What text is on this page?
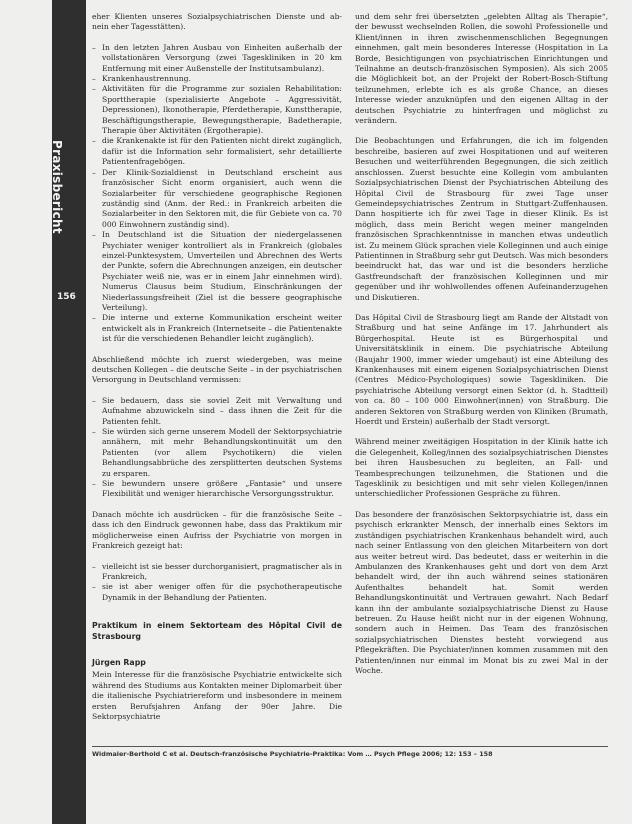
Praxisbericht
156

eher Klienten unseres Sozialpsychiatrischen Dienste und ab- nein eher Tagesstätten).

– In den letzten Jahren Ausbau von Einheiten außerhalb der vollstationären Versorgung (zwei Tageskliniken in 20 km Entfernung mit einer Außenstelle der Institutsambulanz).
– Krankenhaustrennung.
– Aktivitäten für die Programme zur sozialen Rehabilitation: Sporttherapie (spezialisierte Angebote – Aggressivität, Depressionen), Ikonotherapie, Pferdetherapie, Kunsttherapie, Beschäftigungstherapie, Bewegungstherapie, Badetherapie, Therapie über Aktivitäten (Ergotherapie).
– die Krankenakte ist für den Patienten nicht direkt zugänglich, dafür ist die Information sehr formalisiert, sehr detaillierte Patientenfragebögen.
– Der Klinik-Sozialdienst in Deutschland erscheint aus französischer Sicht enorm organisiert, auch wenn die Sozialarbeiter für verschiedene geographische Regionen zuständig sind (Anm. der Red.: in Frankreich arbeiten die Sozialarbeiter in den Sektoren mit, die für Gebiete von ca. 70 000 Einwohnern zuständig sind).
– In Deutschland ist die Situation der niedergelassenen Psychiater weniger kontrolliert als in Frankreich (globales einzel-Punktesystem, Umverteilen und Abrechnen des Werts der Punkte, sofern die Abrechnungen anzeigen, ein deutscher Psychiater weiß nie, was er in einem Jahr einnehmen wird). Numerus Clausus beim Studium, Einschränkungen der Niederlassungsfreiheit (Ziel ist die bessere geographische Verteilung).
– Die interne und externe Kommunikation erscheint weiter entwickelt als in Frankreich (Internetseite – die Patientenakte ist für die verschiedenen Behandler leicht zugänglich).

Abschließend möchte ich zuerst wiedergeben, was meine deutschen Kollegen – die deutsche Seite – in der psychiatrischen Versorgung in Deutschland vermissen:

– Sie bedauern, dass sie soviel Zeit mit Verwaltung und Aufnahme abzuwickeln sind – dass ihnen die Zeit für die Patienten fehlt.
– Sie würden sich gerne unserem Modell der Sektorpsychiatrie annähern, mit mehr Behandlungskontinuität um den Patienten (vor allem Psychotikern) die vielen Behandlungsabbrüche des zersplitterten deutschen Systems zu ersparen.
– Sie bewundern unsere größere „Fantasie“ und unsere Flexibilität und weniger hierarchische Versorgungsstruktur.

Danach möchte ich ausdrücken – für die französische Seite – dass ich den Eindruck gewonnen habe, dass das Praktikum mir möglicherweise einen Aufriss der Psychiatrie von morgen in Frankreich gezeigt hat:

– vielleicht ist sie besser durchorganisiert, pragmatischer als in Frankreich,
– sie ist aber weniger offen für die psychotherapeutische Dynamik in der Behandlung der Patienten.
Praktikum in einem Sektorteam des Hôpital Civil de Strasbourg
Jürgen Rapp

Mein Interesse für die französische Psychiatrie entwickelte sich während des Studiums aus Kontakten meiner Diplomarbeit über die italienische Psychiatriereform und insbesondere in meinem ersten Berufsjahren Anfang der 90er Jahre. Die Sektorpsychiatrie

und dem sehr frei übersetzten „gelebten Alltag als Therapie“, der bewusst wechselnden Rollen, die sowohl Professionelle und Klient/innen in ihren zwischenmenschlichen Begegnungen einnehmen, galt mein besonderes Interesse (Hospitation in La Borde, Besichtigungen von psychiatrischen Einrichtungen und Teilnahme an deutsch-französischen Symposien). Als sich 2005 die Möglichkeit bot, an der Projekt der Robert-Bosch-Stiftung teilzunehmen, erlebte ich es als große Chance, an dieses Interesse wieder anzuknüpfen und den eigenen Alltag in der deutschen Psychiatrie zu hinterfragen und möglichst zu verändern.

Die Beobachtungen und Erfahrungen, die ich im folgenden beschreibe, basieren auf zwei Hospitationen und auf weiteren Besuchen und weiterführenden Begegnungen, die sich zeitlich anschlossen. Zuerst besuchte eine Kollegin vom ambulanten Sozialpsychiatrischen Dienst der Psychiatrischen Abteilung des Hôpital Civil de Strasbourg für zwei Tage unser Gemeindepsychiatrisches Zentrum in Stuttgart-Zuffenhausen. Dann hospitierte ich für zwei Tage in dieser Klinik. Es ist möglich, dass mein Bericht wegen meiner mangelnden französischen Sprachkenntnisse in manchen etwas undeutlich ist. Zu meinem Glück sprachen viele Kolleginnen und auch einige Patientinnen in Straßburg sehr gut Deutsch. Was mich besonders beeindruckt hat, das war und ist die besonders herzliche Gastfreundschaft der französischen Kolleginnen und mir gegenüber und ihr wohlwollendes offenen Aufeinanderzugehen und Diskutieren.

Das Hôpital Civil de Strasbourg liegt am Rande der Altstadt von Straßburg und hat seine Anfänge im 17. Jahrhundert als Bürgerhospital. Heute ist es Bürgerhospital und Universitätsklinik in einem. Die psychiatrische Abteilung (Baujahr 1900, immer wieder umgebaut) ist eine Abteilung des Krankenhauses mit einem eigenen Sozialpsychiatrischen Dienst (Centres Médico-Psychologiques) sowie Tageskliniken. Die psychiatrische Abteilung versorgt einen Sektor (d. h. Stadtteil) von ca. 80 – 100 000 Einwohner(innen) von Straßburg. Die anderen Sektoren von Straßburg werden von Kliniken (Brumath, Hoerdt und Erstein) außerhalb der Stadt versorgt.

Während meiner zweitägigen Hospitation in der Klinik hatte ich die Gelegenheit, Kolleg/innen des sozialpsychiatrischen Dienstes bei ihren Hausbesuchen zu begleiten, an Fall- und Teambesprechungen teilzunehmen, die Stationen und die Tagesklinik zu besichtigen und mit sehr vielen Kollegen/innen unterschiedlicher Professionen Gespräche zu führen.

Das besondere der französischen Sektorpsychiatrie ist, dass ein psychisch erkrankter Mensch, der innerhalb eines Sektors im zuständigen psychiatrischen Krankenhaus behandelt wird, auch nach seiner Entlassung von den gleichen Mitarbeitern von dort aus weiter betreut wird. Das bedeutet, dass er weiterhin in die Ambulanzen des Krankenhauses geht und dort von dem Arzt behandelt wird, der ihn auch während seines stationären Aufenthaltes behandelt hat. Somit werden Behandlungskontinuität und Vertrauen gewahrt. Nach Bedarf kann ihn der ambulante sozialpsychiatrische Dienst zu Hause betreuen. Zu Hause heißt nicht nur in der eigenen Wohnung, sondern auch in Heimen. Das Team des französischen sozialpsychiatrischen Dienstes besteht vorwiegend aus Pflegekräften. Die Psychiater/innen kommen zusammen mit den Patienten/innen nur einmal im Monat bis zu zwei Mal in der Woche.

Widmaier-Berthold C et al. Deutsch-französische Psychiatrie-Praktika: Vom … Psych Pflege 2006; 12: 153 – 158
